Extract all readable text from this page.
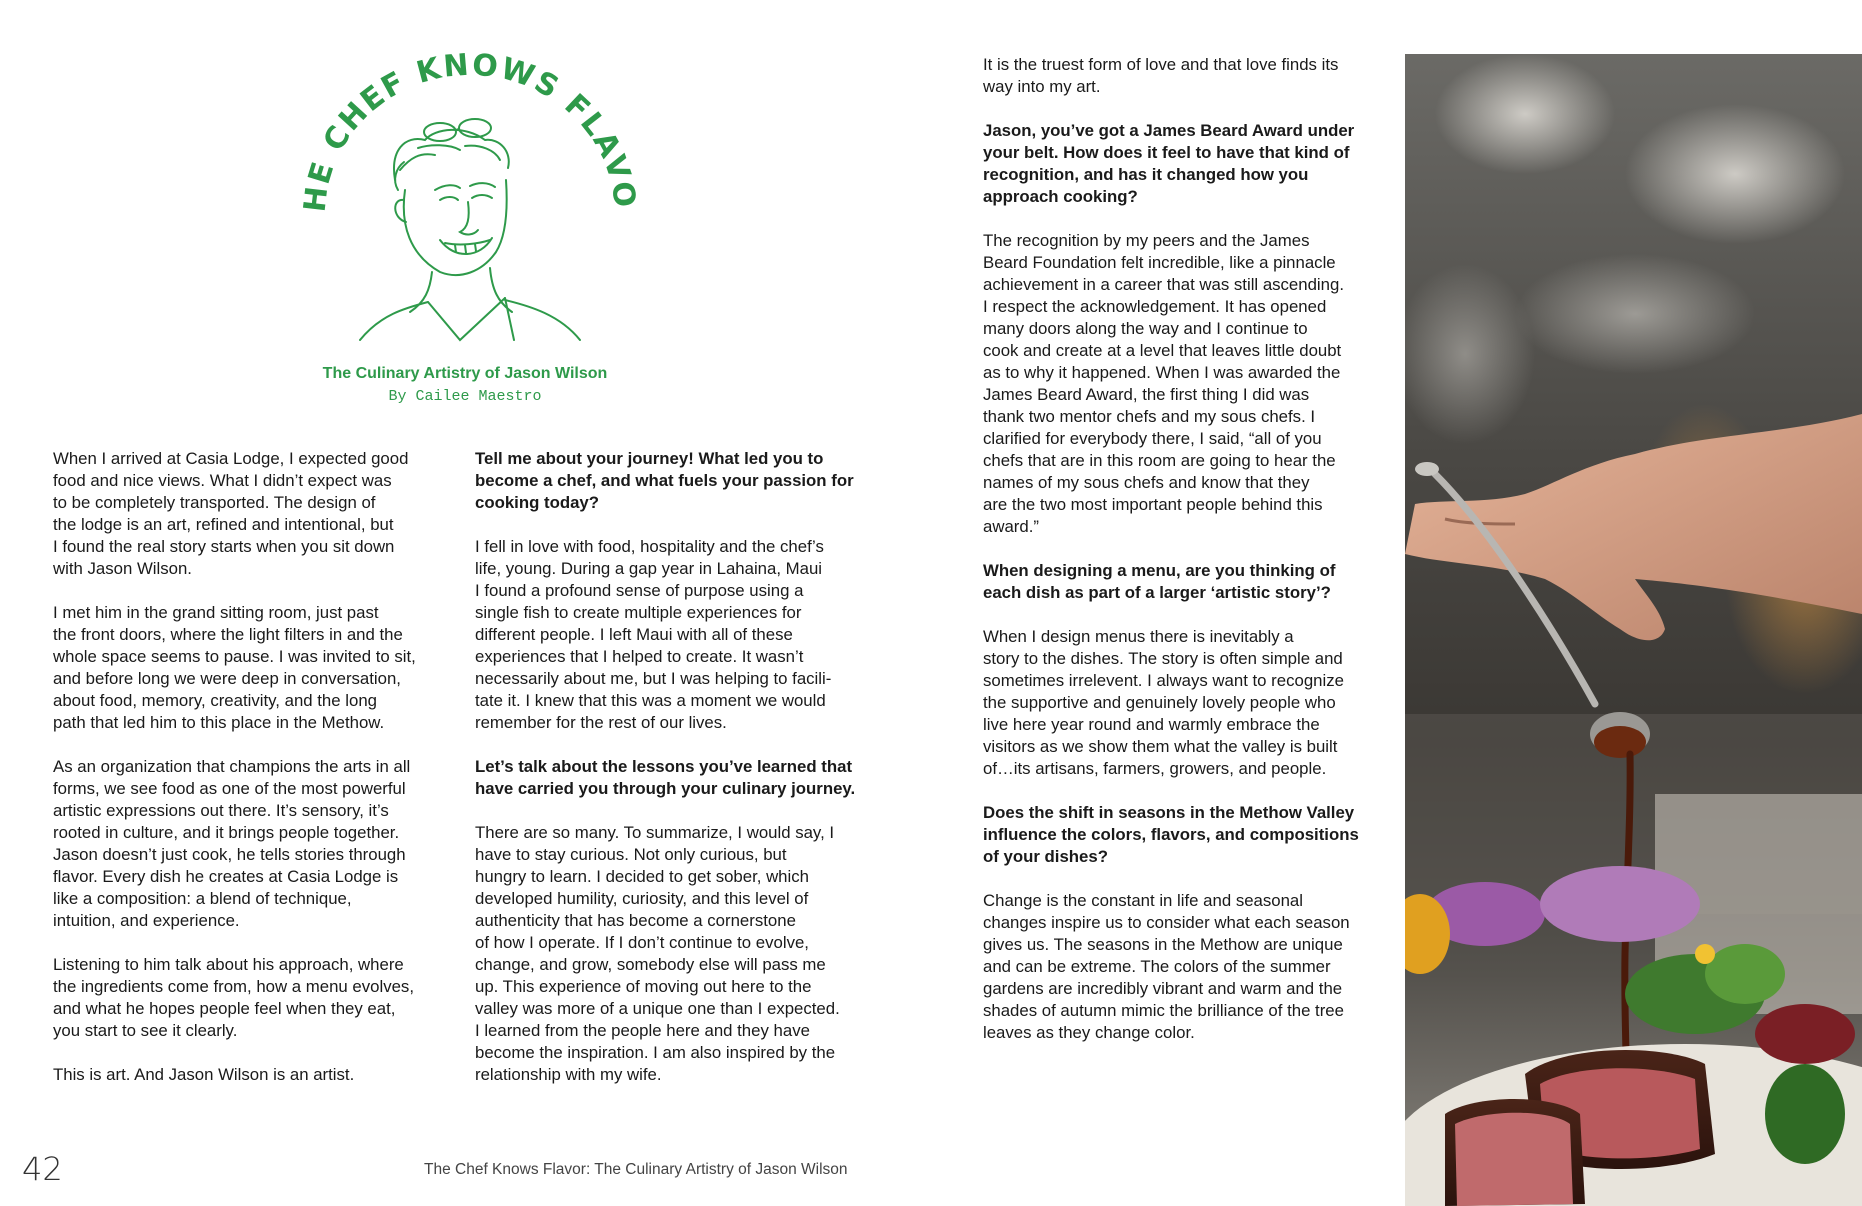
HE CHEF KNOWS FLAVO
The Culinary Artistry of Jason Wilson
By Cailee Maestro

When I arrived at Casia Lodge, I expected good
food and nice views. What I didn’t expect was
to be completely transported. The design of
the lodge is an art, refined and intentional, but
I found the real story starts when you sit down
with Jason Wilson.

I met him in the grand sitting room, just past
the front doors, where the light filters in and the
whole space seems to pause. I was invited to sit,
and before long we were deep in conversation,
about food, memory, creativity, and the long
path that led him to this place in the Methow.

As an organization that champions the arts in all
forms, we see food as one of the most powerful
artistic expressions out there. It’s sensory, it’s
rooted in culture, and it brings people together.
Jason doesn’t just cook, he tells stories through
flavor. Every dish he creates at Casia Lodge is
like a composition: a blend of technique,
intuition, and experience.

Listening to him talk about his approach, where
the ingredients come from, how a menu evolves,
and what he hopes people feel when they eat,
you start to see it clearly.

This is art. And Jason Wilson is an artist.

Tell me about your journey! What led you to
become a chef, and what fuels your passion for
cooking today?

I fell in love with food, hospitality and the chef’s
life, young. During a gap year in Lahaina, Maui
I found a profound sense of purpose using a
single fish to create multiple experiences for
different people. I left Maui with all of these
experiences that I helped to create. It wasn’t
necessarily about me, but I was helping to facili-
tate it. I knew that this was a moment we would
remember for the rest of our lives.

Let’s talk about the lessons you’ve learned that
have carried you through your culinary journey.

There are so many. To summarize, I would say, I
have to stay curious. Not only curious, but
hungry to learn. I decided to get sober, which
developed humility, curiosity, and this level of
authenticity that has become a cornerstone
of how I operate. If I don’t continue to evolve,
change, and grow, somebody else will pass me
up. This experience of moving out here to the
valley was more of a unique one than I expected.
I learned from the people here and they have
become the inspiration. I am also inspired by the
relationship with my wife.

It is the truest form of love and that love finds its
way into my art.

Jason, you’ve got a James Beard Award under
your belt. How does it feel to have that kind of
recognition, and has it changed how you
approach cooking?

The recognition by my peers and the James
Beard Foundation felt incredible, like a pinnacle
achievement in a career that was still ascending.
I respect the acknowledgement. It has opened
many doors along the way and I continue to
cook and create at a level that leaves little doubt
as to why it happened. When I was awarded the
James Beard Award, the first thing I did was
thank two mentor chefs and my sous chefs. I
clarified for everybody there, I said, “all of you
chefs that are in this room are going to hear the
names of my sous chefs and know that they
are the two most important people behind this
award.”

When designing a menu, are you thinking of
each dish as part of a larger ‘artistic story’?

When I design menus there is inevitably a
story to the dishes. The story is often simple and
sometimes irrelevent. I always want to recognize
the supportive and genuinely lovely people who
live here year round and warmly embrace the
visitors as we show them what the valley is built
of…its artisans, farmers, growers, and people.

Does the shift in seasons in the Methow Valley
influence the colors, flavors, and compositions
of your dishes?

Change is the constant in life and seasonal
changes inspire us to consider what each season
gives us. The seasons in the Methow are unique
and can be extreme. The colors of the summer
gardens are incredibly vibrant and warm and the
shades of autumn mimic the brilliance of the tree
leaves as they change color.

42	The Chef Knows Flavor: The Culinary Artistry of Jason Wilson
